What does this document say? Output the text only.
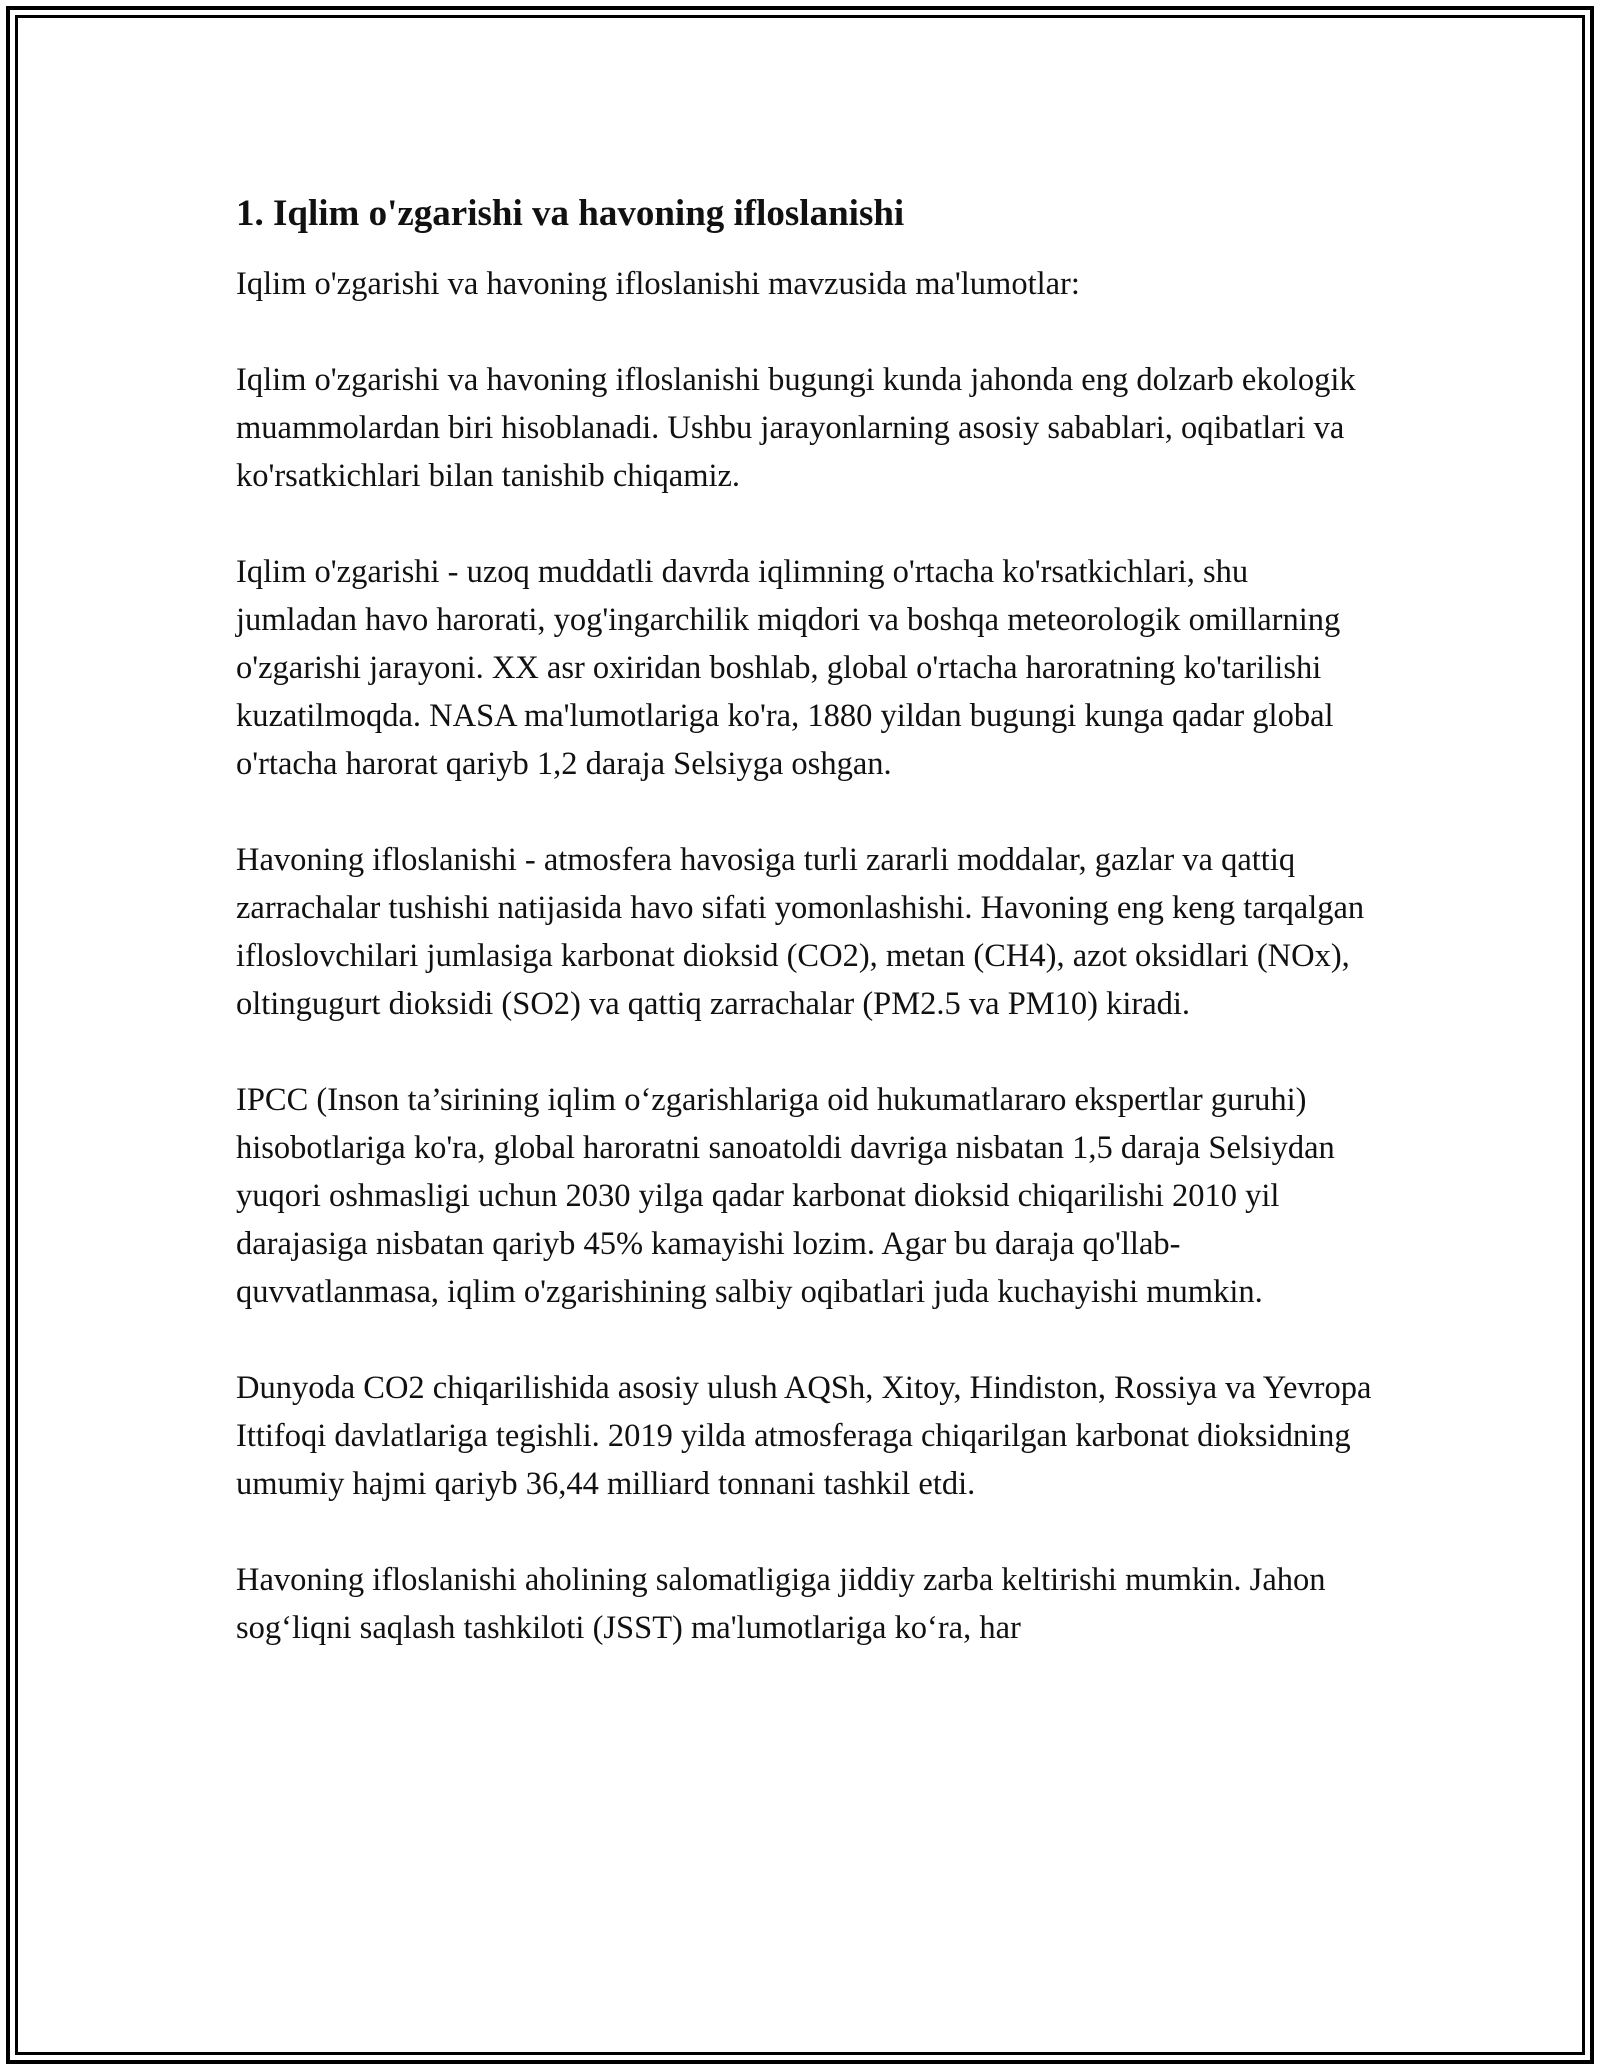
1. Iqlim o'zgarishi va havoning ifloslanishi

Iqlim o'zgarishi va havoning ifloslanishi mavzusida ma'lumotlar:

Iqlim o'zgarishi va havoning ifloslanishi bugungi kunda jahonda eng dolzarb ekologik muammolardan biri hisoblanadi. Ushbu jarayonlarning asosiy sabablari, oqibatlari va ko'rsatkichlari bilan tanishib chiqamiz.

Iqlim o'zgarishi - uzoq muddatli davrda iqlimning o'rtacha ko'rsatkichlari, shu jumladan havo harorati, yog'ingarchilik miqdori va boshqa meteorologik omillarning o'zgarishi jarayoni. XX asr oxiridan boshlab, global o'rtacha haroratning ko'tarilishi kuzatilmoqda. NASA ma'lumotlariga ko'ra, 1880 yildan bugungi kunga qadar global o'rtacha harorat qariyb 1,2 daraja Selsiyga oshgan.

Havoning ifloslanishi - atmosfera havosiga turli zararli moddalar, gazlar va qattiq zarrachalar tushishi natijasida havo sifati yomonlashishi. Havoning eng keng tarqalgan ifloslovchilari jumlasiga karbonat dioksid (CO2), metan (CH4), azot oksidlari (NOx), oltingugurt dioksidi (SO2) va qattiq zarrachalar (PM2.5 va PM10) kiradi.

IPCC (Inson ta’sirining iqlim o‘zgarishlariga oid hukumatlararo ekspertlar guruhi) hisobotlariga ko'ra, global haroratni sanoatoldi davriga nisbatan 1,5 daraja Selsiydan yuqori oshmasligi uchun 2030 yilga qadar karbonat dioksid chiqarilishi 2010 yil darajasiga nisbatan qariyb 45% kamayishi lozim. Agar bu daraja qo'llab-quvvatlanmasa, iqlim o'zgarishining salbiy oqibatlari juda kuchayishi mumkin.

Dunyoda CO2 chiqarilishida asosiy ulush AQSh, Xitoy, Hindiston, Rossiya va Yevropa Ittifoqi davlatlariga tegishli. 2019 yilda atmosferaga chiqarilgan karbonat dioksidning umumiy hajmi qariyb 36,44 milliard tonnani tashkil etdi.

Havoning ifloslanishi aholining salomatligiga jiddiy zarba keltirishi mumkin. Jahon sog‘liqni saqlash tashkiloti (JSST) ma'lumotlariga ko‘ra, har
